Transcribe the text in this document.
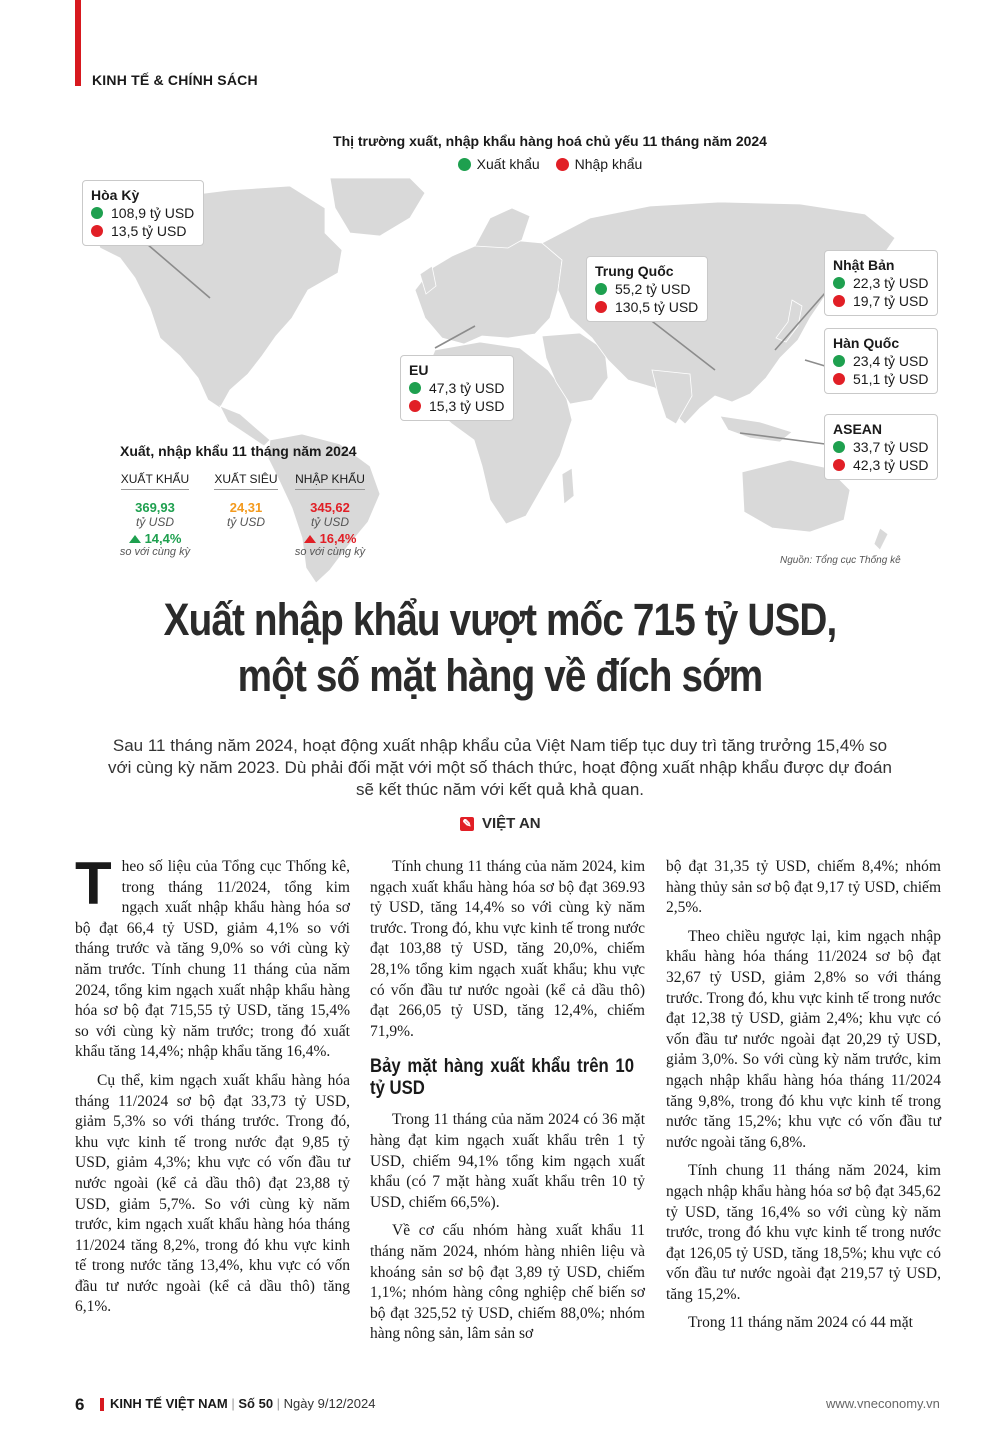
KINH TẾ & CHÍNH SÁCH
Thị trường xuất, nhập khẩu hàng hoá chủ yếu 11 tháng năm 2024
Xuất khẩu
Nhập khẩu
Hòa Kỳ
108,9 tỷ USD
13,5 tỷ USD
EU
47,3 tỷ USD
15,3 tỷ USD
Trung Quốc
55,2 tỷ USD
130,5 tỷ USD
Nhật Bản
22,3 tỷ USD
19,7 tỷ USD
Hàn Quốc
23,4 tỷ USD
51,1 tỷ USD
ASEAN
33,7 tỷ USD
42,3 tỷ USD
Xuất, nhập khẩu 11 tháng năm 2024
XUẤT KHẨU
369,93
tỷ USD
14,4%
so với cùng kỳ
XUẤT SIÊU
24,31
tỷ USD
NHẬP KHẨU
345,62
tỷ USD
16,4%
so với cùng kỳ
Nguồn: Tổng cục Thống kê
Xuất nhập khẩu vượt mốc 715 tỷ USD,
một số mặt hàng về đích sớm
Sau 11 tháng năm 2024, hoạt động xuất nhập khẩu của Việt Nam tiếp tục duy trì tăng trưởng 15,4% so với cùng kỳ năm 2023. Dù phải đối mặt với một số thách thức, hoạt động xuất nhập khẩu được dự đoán sẽ kết thúc năm với kết quả khả quan.
✎ VIỆT AN

Theo số liệu của Tổng cục Thống kê, trong tháng 11/2024, tổng kim ngạch xuất nhập khẩu hàng hóa sơ bộ đạt 66,4 tỷ USD, giảm 4,1% so với tháng trước và tăng 9,0% so với cùng kỳ năm trước. Tính chung 11 tháng của năm 2024, tổng kim ngạch xuất nhập khẩu hàng hóa sơ bộ đạt 715,55 tỷ USD, tăng 15,4% so với cùng kỳ năm trước; trong đó xuất khẩu tăng 14,4%; nhập khẩu tăng 16,4%.

Cụ thể, kim ngạch xuất khẩu hàng hóa tháng 11/2024 sơ bộ đạt 33,73 tỷ USD, giảm 5,3% so với tháng trước. Trong đó, khu vực kinh tế trong nước đạt 9,85 tỷ USD, giảm 4,3%; khu vực có vốn đầu tư nước ngoài (kể cả dầu thô) đạt 23,88 tỷ USD, giảm 5,7%. So với cùng kỳ năm trước, kim ngạch xuất khẩu hàng hóa tháng 11/2024 tăng 8,2%, trong đó khu vực kinh tế trong nước tăng 13,4%, khu vực có vốn đầu tư nước ngoài (kể cả dầu thô) tăng 6,1%.

Tính chung 11 tháng của năm 2024, kim ngạch xuất khẩu hàng hóa sơ bộ đạt 369.93 tỷ USD, tăng 14,4% so với cùng kỳ năm trước. Trong đó, khu vực kinh tế trong nước đạt 103,88 tỷ USD, tăng 20,0%, chiếm 28,1% tổng kim ngạch xuất khẩu; khu vực có vốn đầu tư nước ngoài (kể cả dầu thô) đạt 266,05 tỷ USD, tăng 12,4%, chiếm 71,9%.

Bảy mặt hàng xuất khẩu trên 10 tỷ USD

Trong 11 tháng của năm 2024 có 36 mặt hàng đạt kim ngạch xuất khẩu trên 1 tỷ USD, chiếm 94,1% tổng kim ngạch xuất khẩu (có 7 mặt hàng xuất khẩu trên 10 tỷ USD, chiếm 66,5%).

Về cơ cấu nhóm hàng xuất khẩu 11 tháng năm 2024, nhóm hàng nhiên liệu và khoáng sản sơ bộ đạt 3,89 tỷ USD, chiếm 1,1%; nhóm hàng công nghiệp chế biến sơ bộ đạt 325,52 tỷ USD, chiếm 88,0%; nhóm hàng nông sản, lâm sản sơ

bộ đạt 31,35 tỷ USD, chiếm 8,4%; nhóm hàng thủy sản sơ bộ đạt 9,17 tỷ USD, chiếm 2,5%.

Theo chiều ngược lại, kim ngạch nhập khẩu hàng hóa tháng 11/2024 sơ bộ đạt 32,67 tỷ USD, giảm 2,8% so với tháng trước. Trong đó, khu vực kinh tế trong nước đạt 12,38 tỷ USD, giảm 2,4%; khu vực có vốn đầu tư nước ngoài đạt 20,29 tỷ USD, giảm 3,0%. So với cùng kỳ năm trước, kim ngạch nhập khẩu hàng hóa tháng 11/2024 tăng 9,8%, trong đó khu vực kinh tế trong nước tăng 15,2%; khu vực có vốn đầu tư nước ngoài tăng 6,8%.

Tính chung 11 tháng năm 2024, kim ngạch nhập khẩu hàng hóa sơ bộ đạt 345,62 tỷ USD, tăng 16,4% so với cùng kỳ năm trước, trong đó khu vực kinh tế trong nước đạt 126,05 tỷ USD, tăng 18,5%; khu vực có vốn đầu tư nước ngoài đạt 219,57 tỷ USD, tăng 15,2%.

Trong 11 tháng năm 2024 có 44 mặt

6 KINH TẾ VIỆT NAM | Số 50 | Ngày 9/12/2024	www.vneconomy.vn
